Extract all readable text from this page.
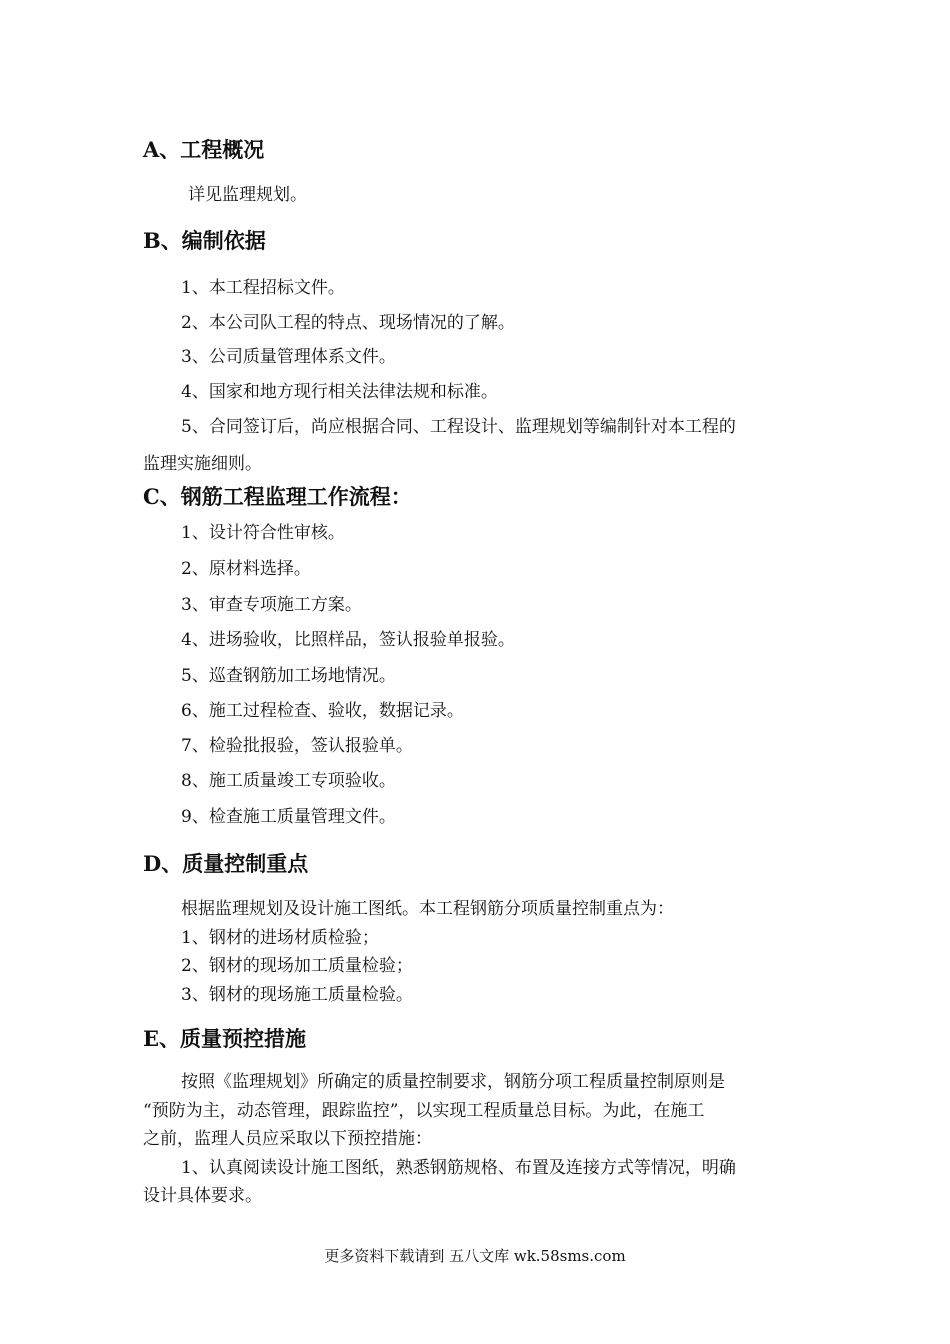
A、工程概况
详见监理规划。
B、编制依据
1、本工程招标文件。
2、本公司队工程的特点、现场情况的了解。
3、公司质量管理体系文件。
4、国家和地方现行相关法律法规和标准。
5、合同签订后，尚应根据合同、工程设计、监理规划等编制针对本工程的
监理实施细则。
C、钢筋工程监理工作流程：
1、设计符合性审核。
2、原材料选择。
3、审查专项施工方案。
4、进场验收，比照样品，签认报验单报验。
5、巡查钢筋加工场地情况。
6、施工过程检查、验收，数据记录。
7、检验批报验，签认报验单。
8、施工质量竣工专项验收。
9、检查施工质量管理文件。
D、质量控制重点
根据监理规划及设计施工图纸。本工程钢筋分项质量控制重点为：
1、钢材的进场材质检验；
2、钢材的现场加工质量检验；
3、钢材的现场施工质量检验。
E、质量预控措施
按照《监理规划》所确定的质量控制要求，钢筋分项工程质量控制原则是
“预防为主，动态管理，跟踪监控”，以实现工程质量总目标。为此，在施工
之前，监理人员应采取以下预控措施：
1、认真阅读设计施工图纸，熟悉钢筋规格、布置及连接方式等情况，明确
设计具体要求。
更多资料下载请到 五八文库 wk.58sms.com
